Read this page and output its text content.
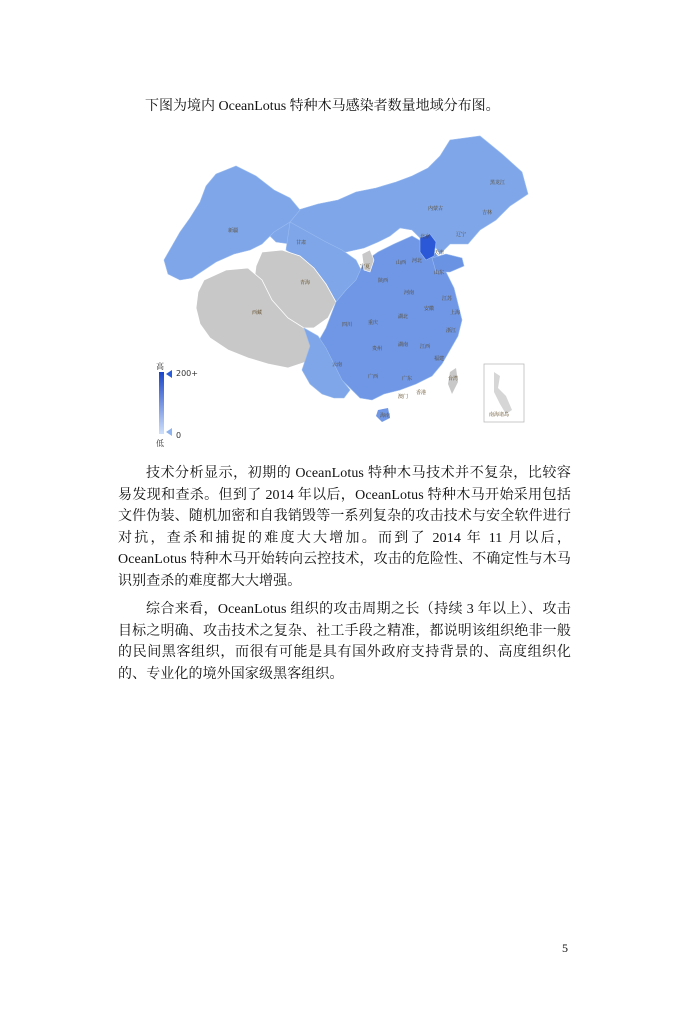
下图为境内 OceanLotus 特种木马感染者数量地域分布图。

黑龙江
吉林
内蒙古
辽宁
新疆
甘肃
北京
天津
河北
山西
宁夏
青海
山东
陕西
河南
江苏
西藏
四川	重庆
湖北
安徽
上海
浙江
贵州
湖南 江西
福建
云南
广西	广东	台湾
香港
澳门
海南	南海诸岛
高
200+
0
低

技术分析显示，初期的 OceanLotus 特种木马技术并不复杂，比较容易发现和查杀。但到了 2014 年以后，OceanLotus 特种木马开始采用包括文件伪装、随机加密和自我销毁等一系列复杂的攻击技术与安全软件进行对抗，查杀和捕捉的难度大大增加。而到了 2014 年 11 月以后，OceanLotus 特种木马开始转向云控技术，攻击的危险性、不确定性与木马识别查杀的难度都大大增强。

综合来看，OceanLotus 组织的攻击周期之长（持续 3 年以上）、攻击目标之明确、攻击技术之复杂、社工手段之精准，都说明该组织绝非一般的民间黑客组织，而很有可能是具有国外政府支持背景的、高度组织化的、专业化的境外国家级黑客组织。

5
